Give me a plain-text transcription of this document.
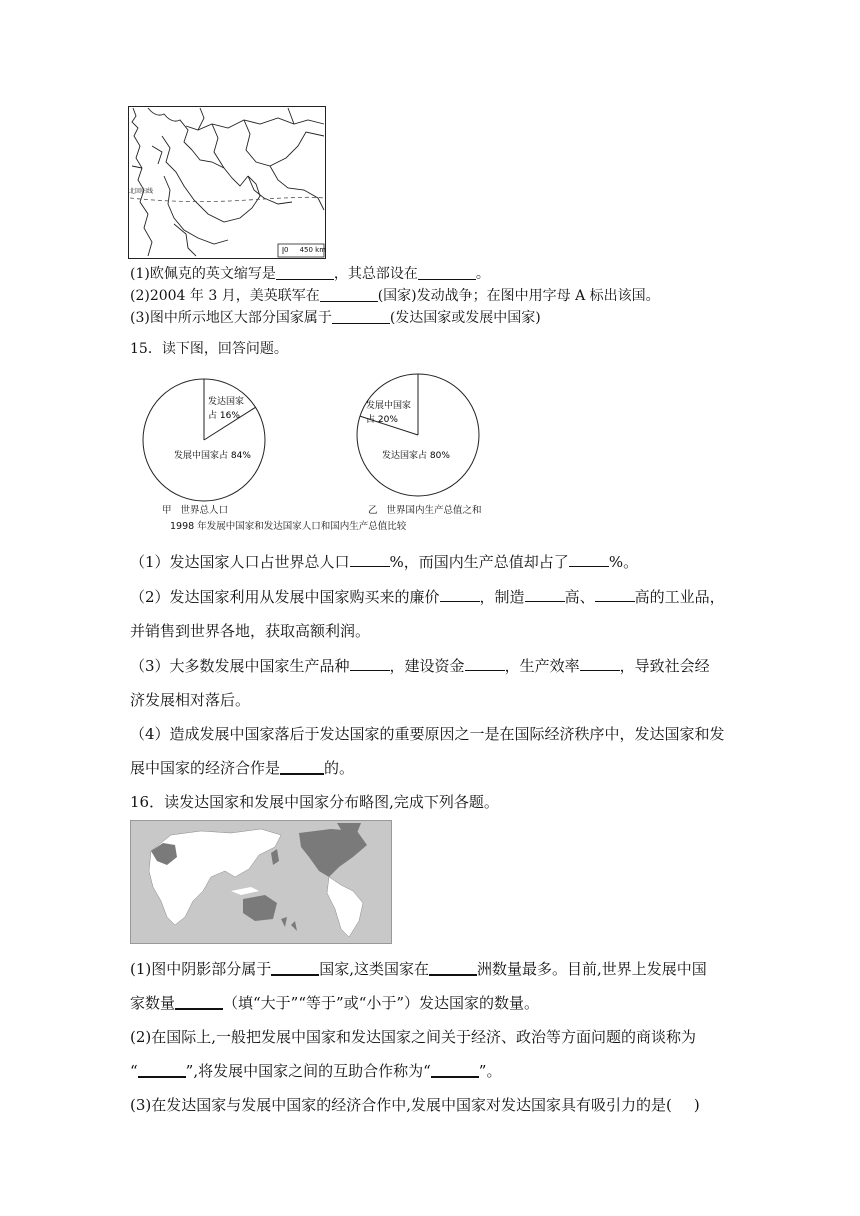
北回归线
0     450 km
(1)欧佩克的英文缩写是	，其总部设在	。
(2)2004 年 3 月，美英联军在	(国家)发动战争；在图中用字母 A 标出该国。
(3)图中所示地区大部分国家属于	(发达国家或发展中国家)
15．读下图，回答问题。
发达国家
占 16%
发展中国家占 84%
发展中国家
占 20%
发达国家占 80%
甲   世界总人口	乙   世界国内生产总值之和
1998 年发展中国家和发达国家人口和国内生产总值比较
（1）发达国家人口占世界总人口	%，而国内生产总值却占了	%。
（2）发达国家利用从发展中国家购买来的廉价	，制造	高、	高的工业品，
并销售到世界各地，获取高额利润。
（3）大多数发展中国家生产品种	，建设资金	，生产效率	，导致社会经
济发展相对落后。
（4）造成发展中国家落后于发达国家的重要原因之一是在国际经济秩序中，发达国家和发
展中国家的经济合作是	的。
16．读发达国家和发展中国家分布略图,完成下列各题。
(1)图中阴影部分属于	国家,这类国家在	洲数量最多。目前,世界上发展中国
家数量	（填“大于”“等于”或“小于”）发达国家的数量。
(2)在国际上,一般把发展中国家和发达国家之间关于经济、政治等方面问题的商谈称为
“	”,将发展中国家之间的互助合作称为“	”。
(3)在发达国家与发展中国家的经济合作中,发展中国家对发达国家具有吸引力的是( )
